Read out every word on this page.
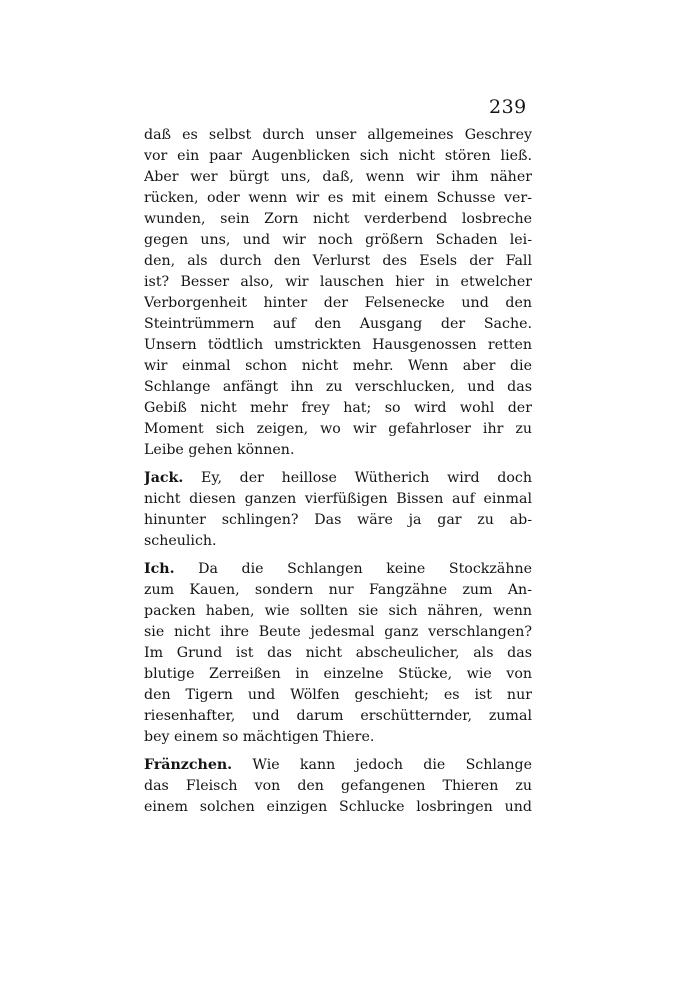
239
daß es selbst durch unser allgemeines Geschrey
vor ein paar Augenblicken sich nicht stören ließ.
Aber wer bürgt uns, daß, wenn wir ihm näher
rücken, oder wenn wir es mit einem Schusse ver-
wunden, sein Zorn nicht verderbend losbreche
gegen uns, und wir noch größern Schaden lei-
den, als durch den Verlurst des Esels der Fall
ist? Besser also, wir lauschen hier in etwelcher
Verborgenheit hinter der Felsenecke und den
Steintrümmern auf den Ausgang der Sache.
Unsern tödtlich umstrickten Hausgenossen retten
wir einmal schon nicht mehr. Wenn aber die
Schlange anfängt ihn zu verschlucken, und das
Gebiß nicht mehr frey hat; so wird wohl der
Moment sich zeigen, wo wir gefahrloser ihr zu
Leibe gehen können.
Jack. Ey, der heillose Wütherich wird doch
nicht diesen ganzen vierfüßigen Bissen auf einmal
hinunter schlingen? Das wäre ja gar zu ab-
scheulich.
Ich. Da die Schlangen keine Stockzähne
zum Kauen, sondern nur Fangzähne zum An-
packen haben, wie sollten sie sich nähren, wenn
sie nicht ihre Beute jedesmal ganz verschlangen?
Im Grund ist das nicht abscheulicher, als das
blutige Zerreißen in einzelne Stücke, wie von
den Tigern und Wölfen geschieht; es ist nur
riesenhafter, und darum erschütternder, zumal
bey einem so mächtigen Thiere.
Fränzchen. Wie kann jedoch die Schlange
das Fleisch von den gefangenen Thieren zu
einem solchen einzigen Schlucke losbringen und
